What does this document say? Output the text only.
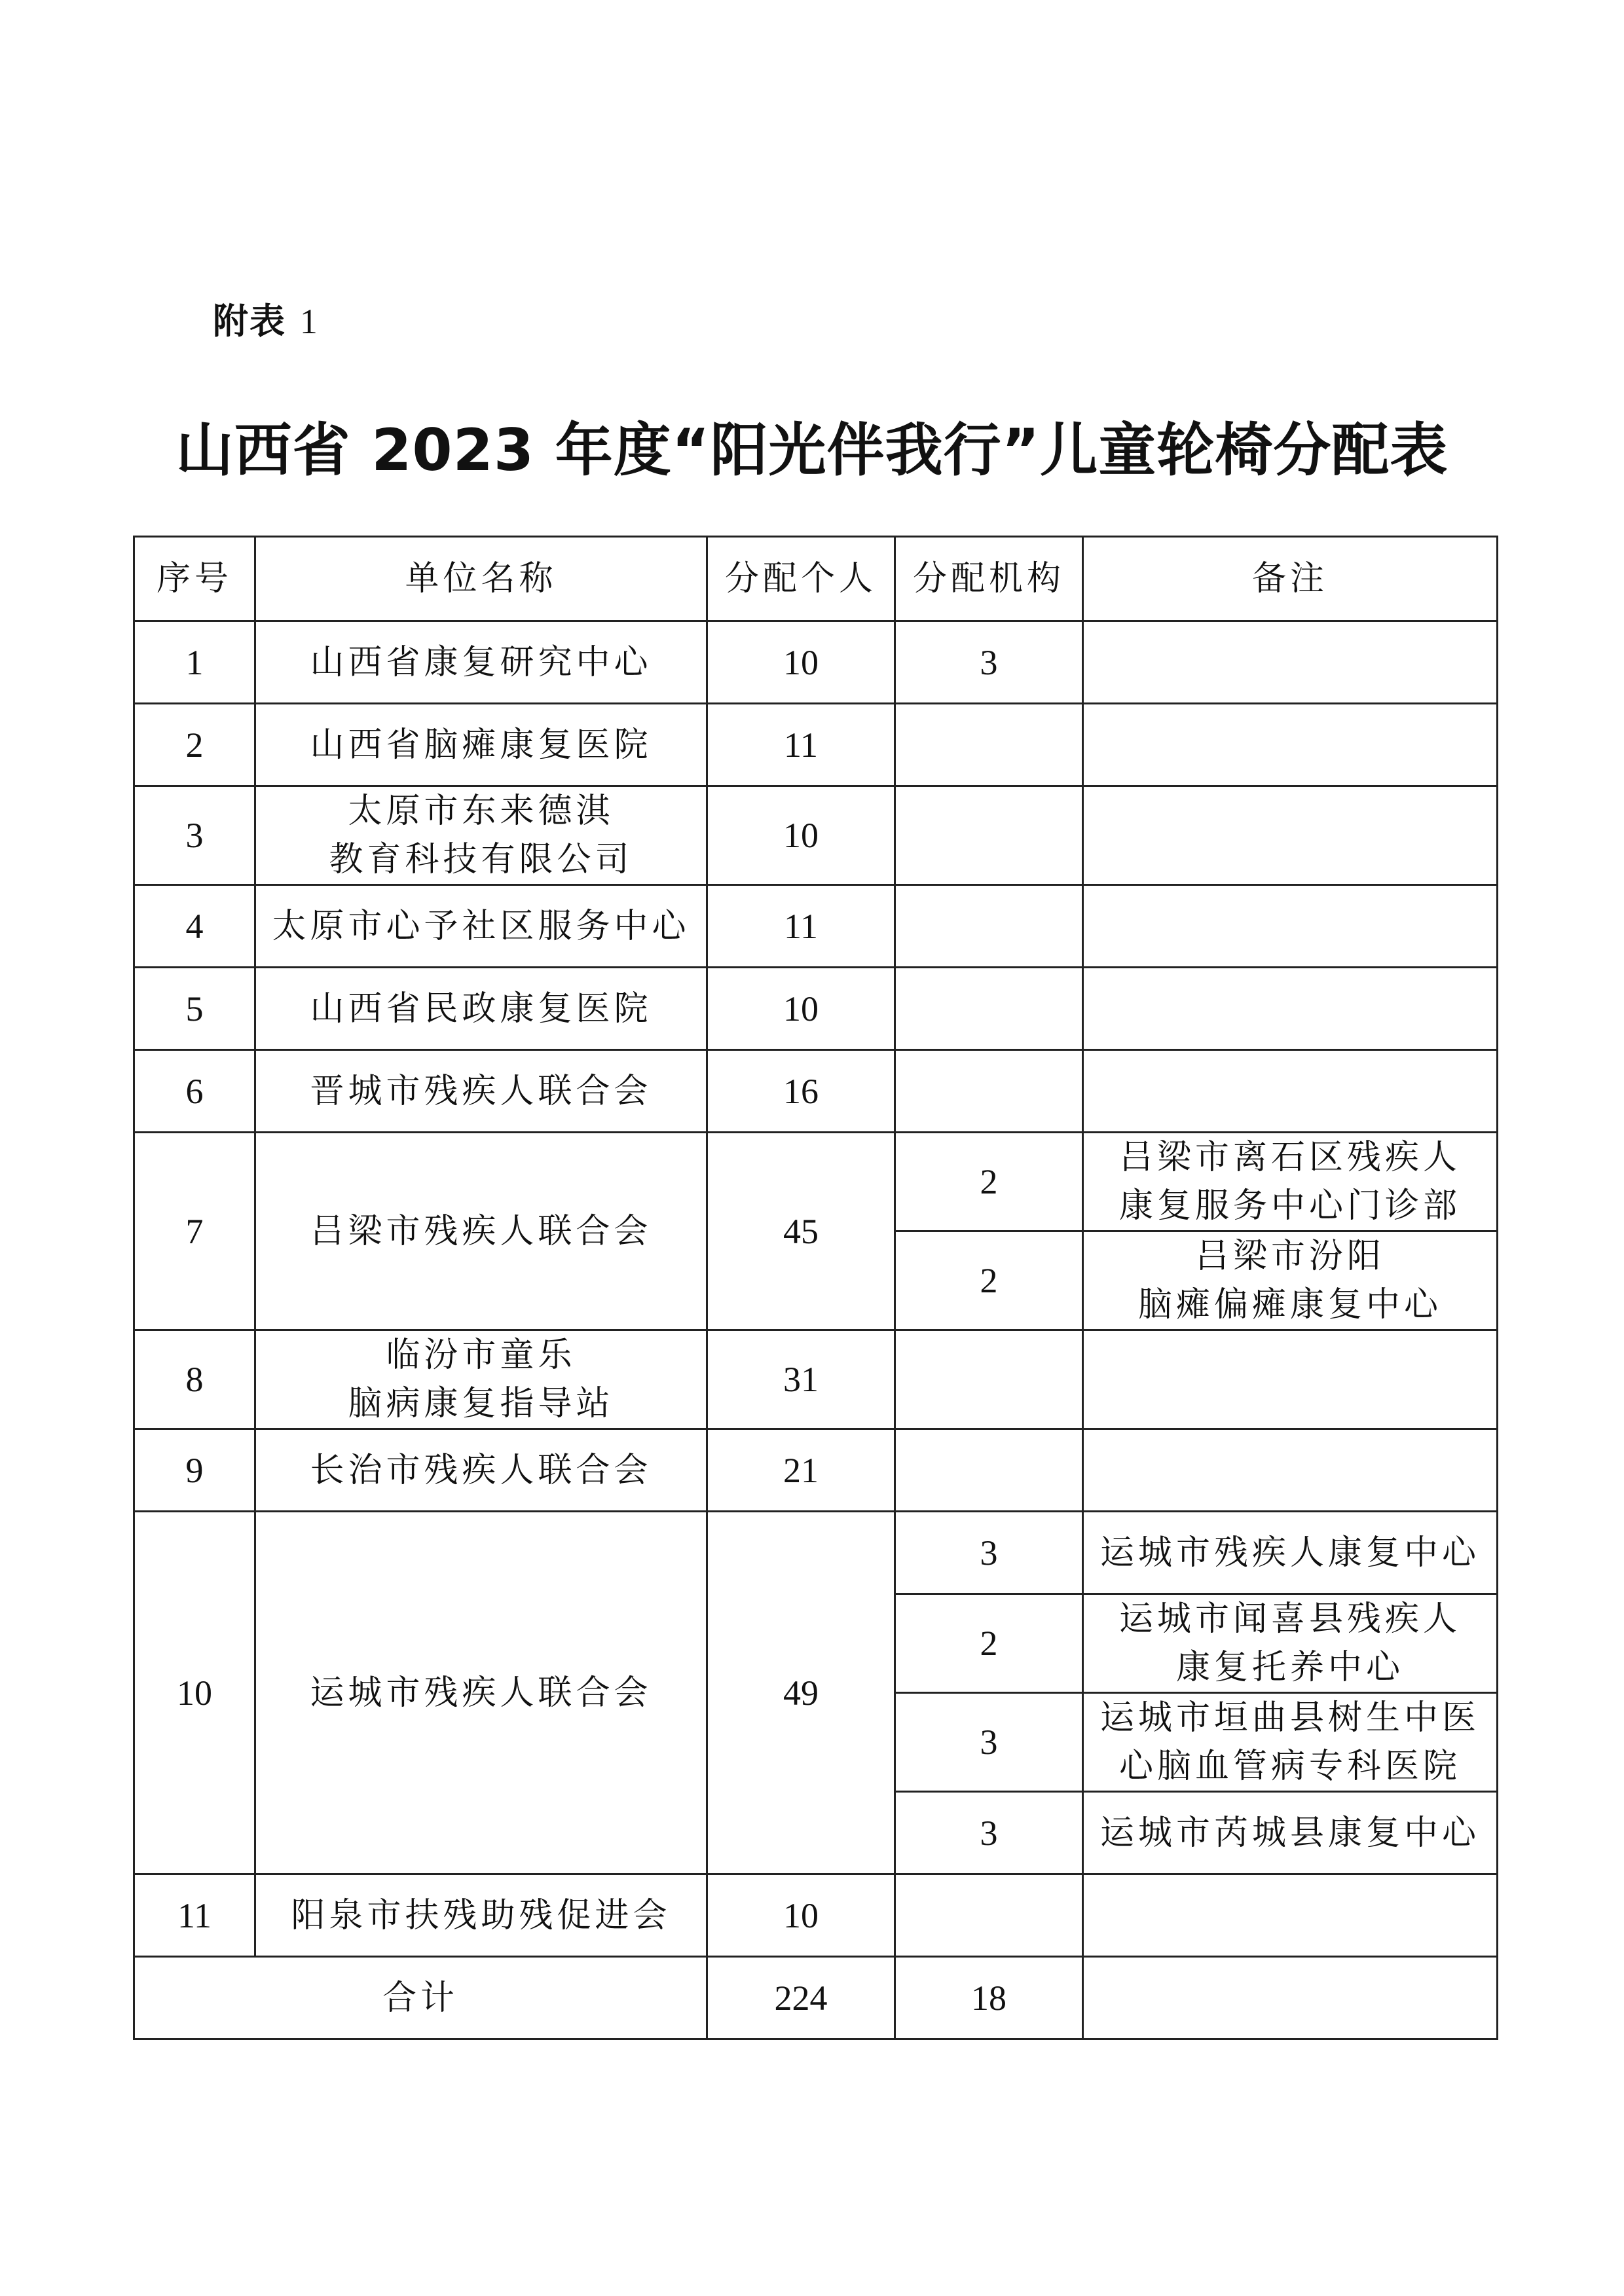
附表 1
山西省 2023 年度“阳光伴我行”儿童轮椅分配表
序号	单位名称	分配个人	分配机构	备注
1	山西省康复研究中心	10	3	
2	山西省脑瘫康复医院	11		
3	太原市东来德淇
教育科技有限公司	10		
4	太原市心予社区服务中心	11		
5	山西省民政康复医院	10		
6	晋城市残疾人联合会	16		
7	吕梁市残疾人联合会	45	2	吕梁市离石区残疾人
康复服务中心门诊部

			2	吕梁市汾阳
脑瘫偏瘫康复中心

8	临汾市童乐
脑病康复指导站	31		
9	长治市残疾人联合会	21		
10	运城市残疾人联合会	49	3	运城市残疾人康复中心
			2	运城市闻喜县残疾人
康复托养中心

			3	运城市垣曲县树生中医
心脑血管病专科医院

			3	运城市芮城县康复中心
11	阳泉市扶残助残促进会	10		
合计		224	18	
